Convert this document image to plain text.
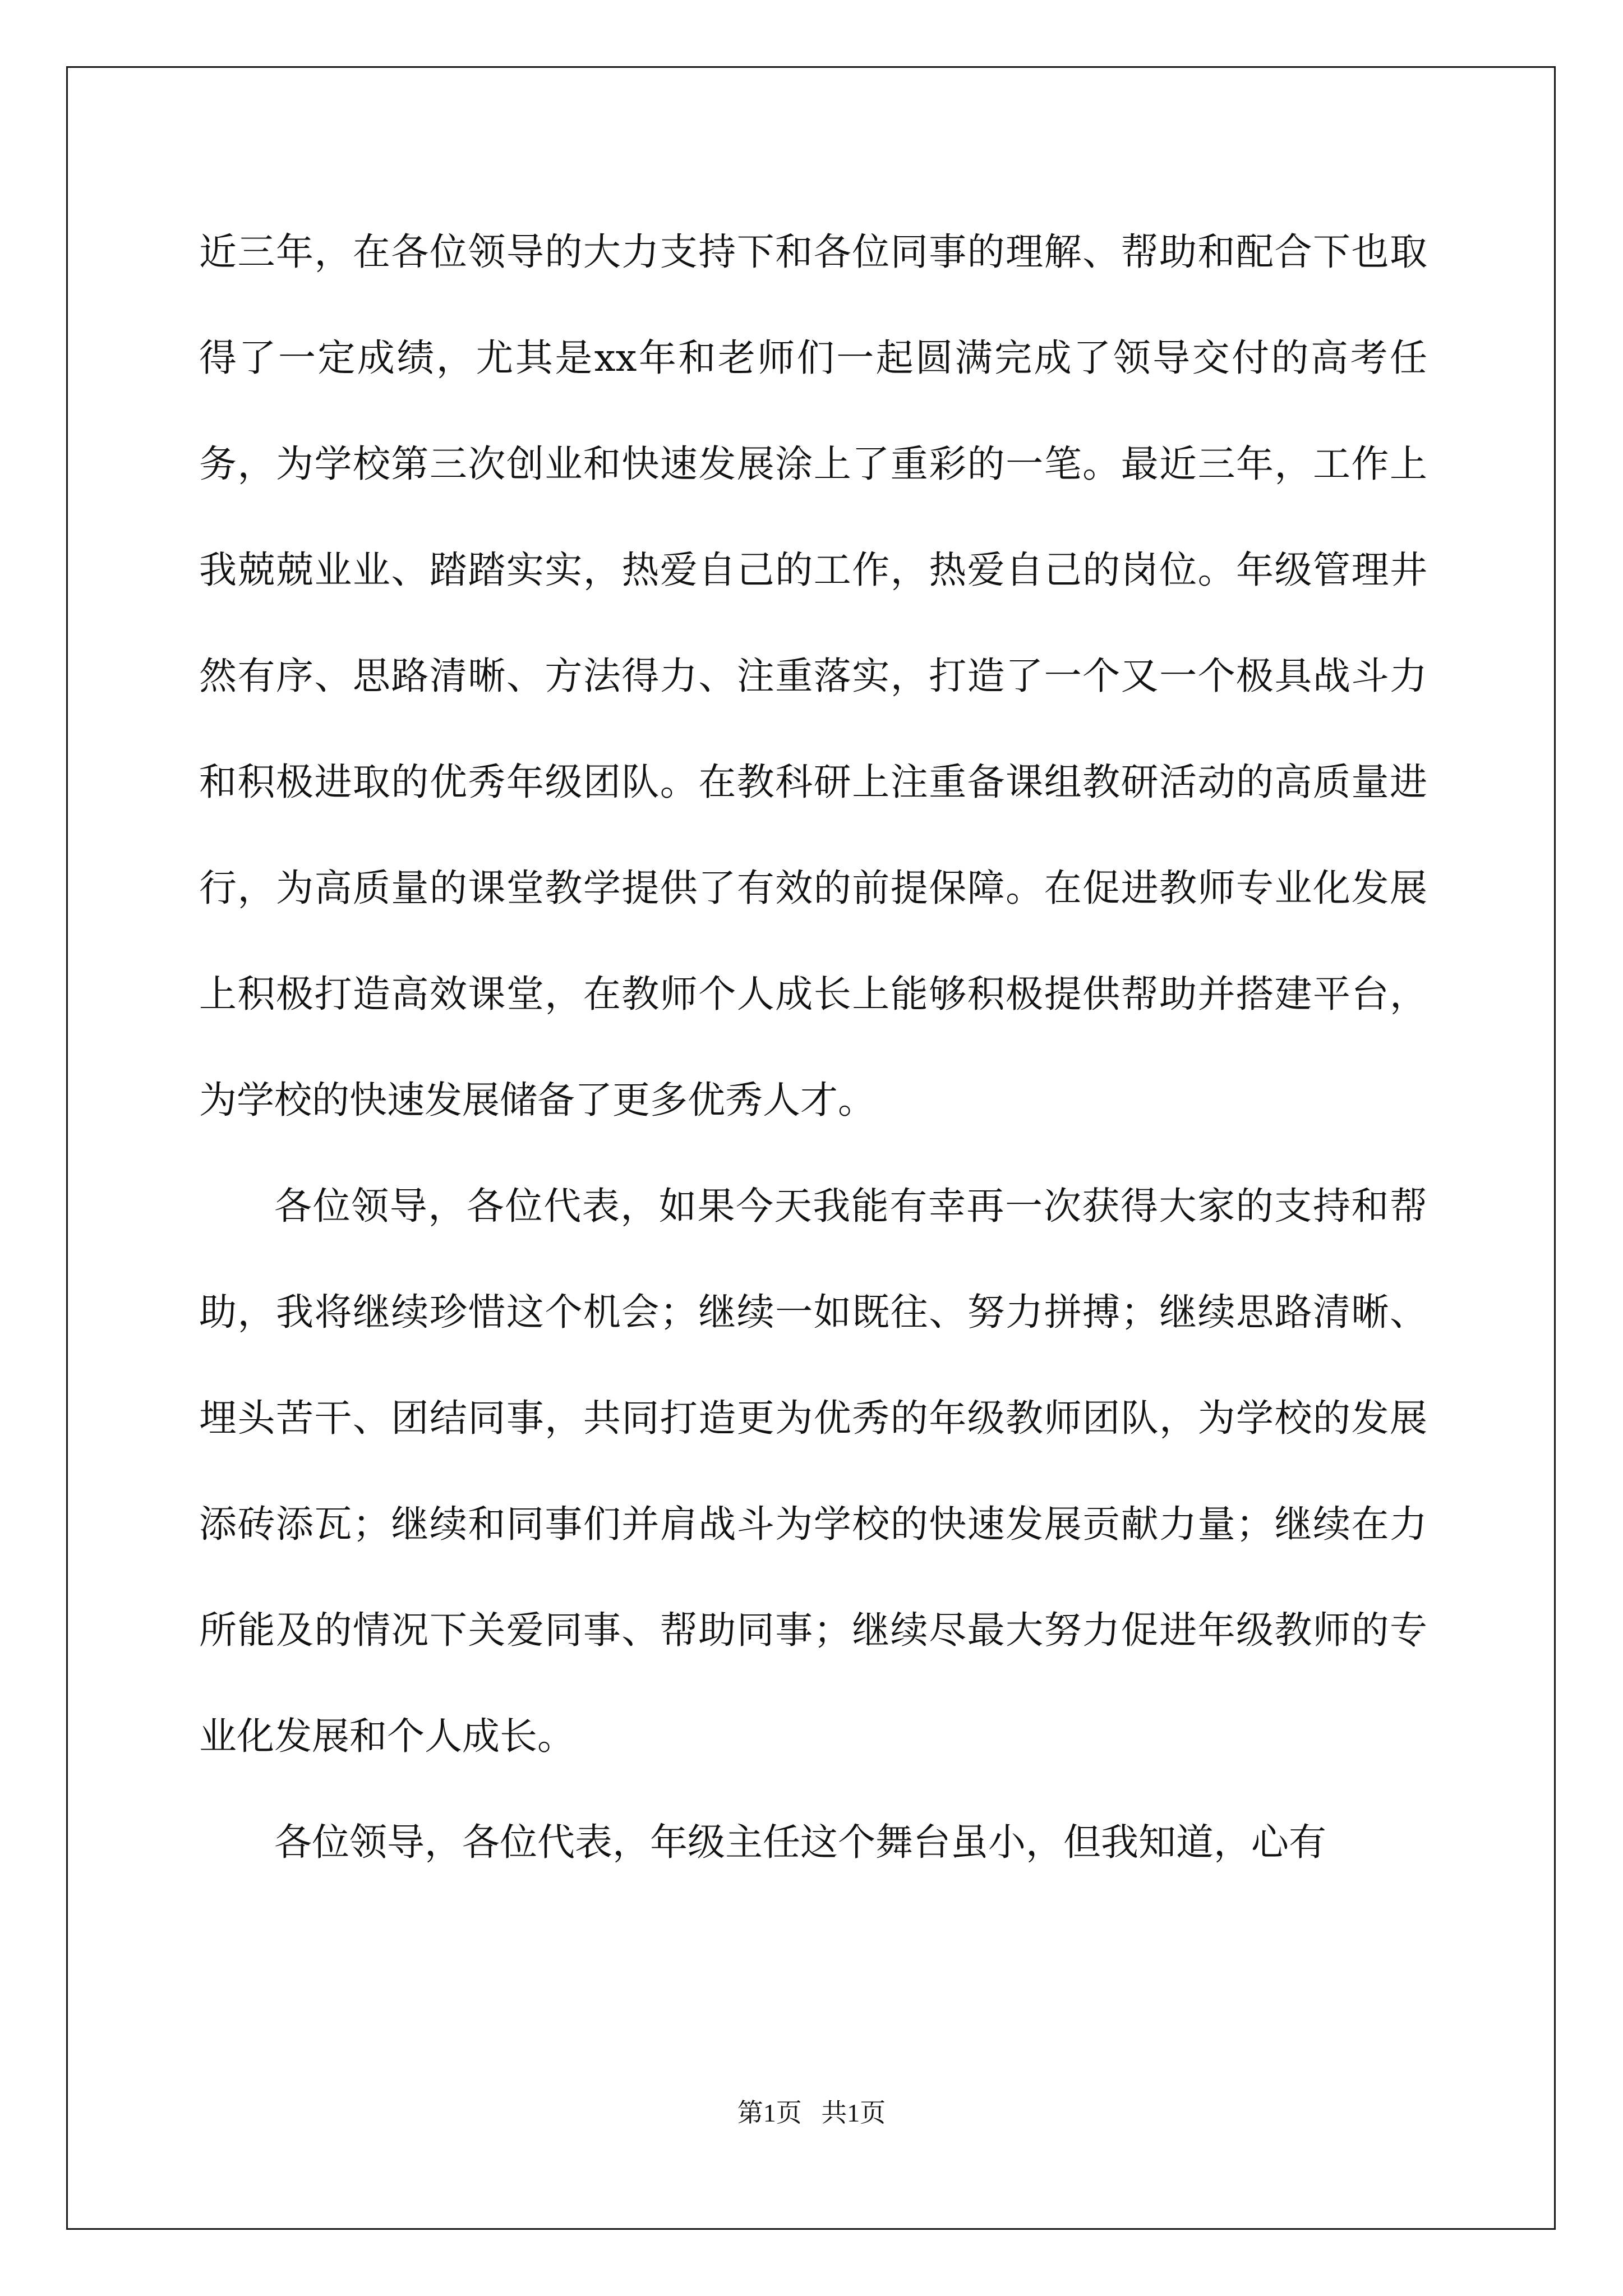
近三年，在各位领导的大力支持下和各位同事的理解、帮助和配合下也取得了一定成绩，尤其是xx年和老师们一起圆满完成了领导交付的高考任务，为学校第三次创业和快速发展涂上了重彩的一笔。最近三年，工作上我兢兢业业、踏踏实实，热爱自己的工作，热爱自己的岗位。年级管理井然有序、思路清晰、方法得力、注重落实，打造了一个又一个极具战斗力和积极进取的优秀年级团队。在教科研上注重备课组教研活动的高质量进行，为高质量的课堂教学提供了有效的前提保障。在促进教师专业化发展上积极打造高效课堂，在教师个人成长上能够积极提供帮助并搭建平台，为学校的快速发展储备了更多优秀人才。

各位领导，各位代表，如果今天我能有幸再一次获得大家的支持和帮助，我将继续珍惜这个机会；继续一如既往、努力拼搏；继续思路清晰、埋头苦干、团结同事，共同打造更为优秀的年级教师团队，为学校的发展添砖添瓦；继续和同事们并肩战斗为学校的快速发展贡献力量；继续在力所能及的情况下关爱同事、帮助同事；继续尽最大努力促进年级教师的专业化发展和个人成长。

各位领导，各位代表，年级主任这个舞台虽小，但我知道，心有

第1页   共1页
